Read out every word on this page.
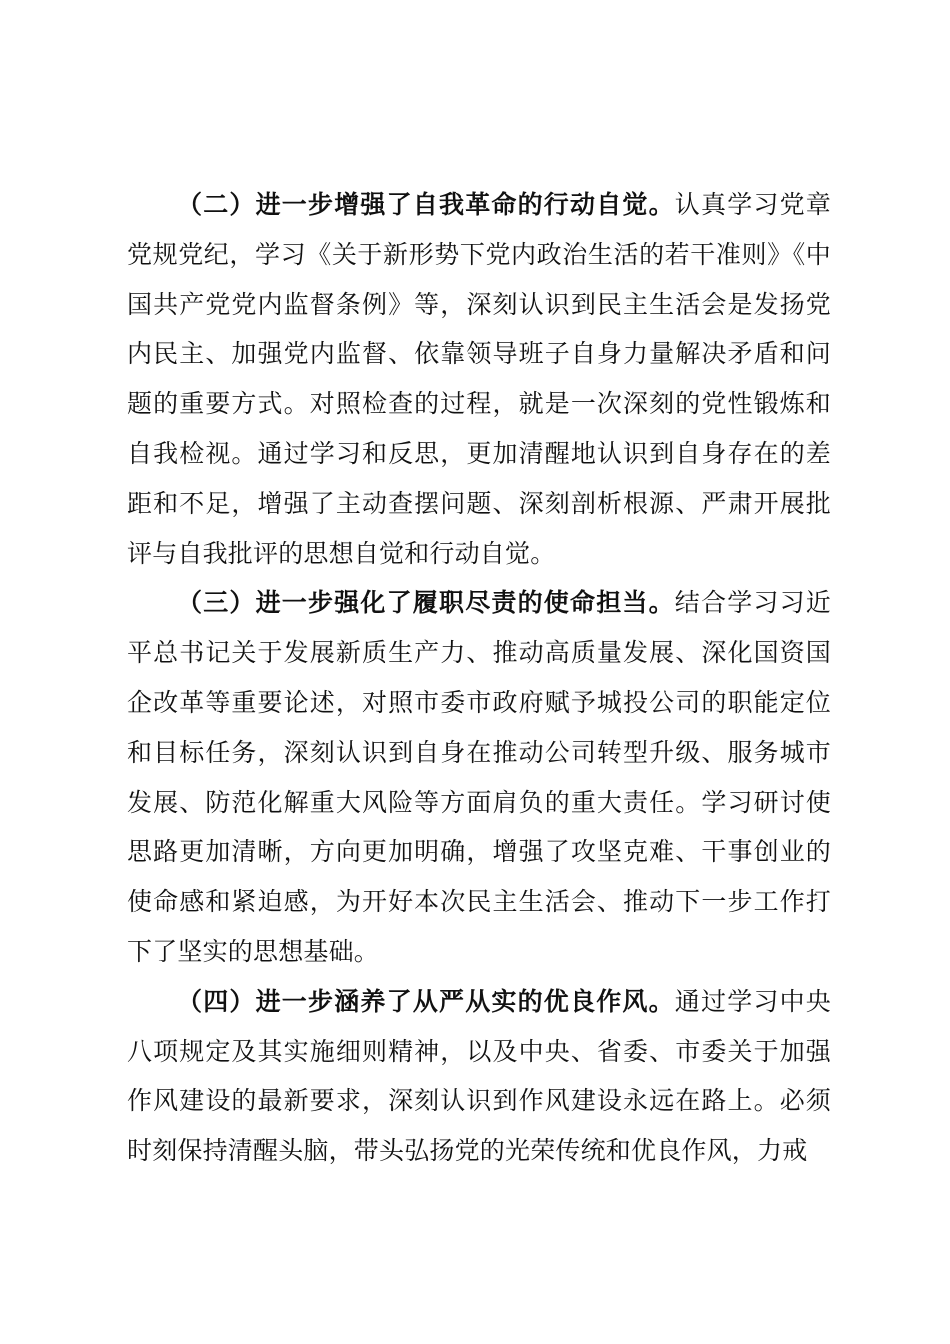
（二）进一步增强了自我革命的行动自觉。认真学习党章党规党纪，学习《关于新形势下党内政治生活的若干准则》《中国共产党党内监督条例》等，深刻认识到民主生活会是发扬党内民主、加强党内监督、依靠领导班子自身力量解决矛盾和问题的重要方式。对照检查的过程，就是一次深刻的党性锻炼和自我检视。通过学习和反思，更加清醒地认识到自身存在的差距和不足，增强了主动查摆问题、深刻剖析根源、严肃开展批评与自我批评的思想自觉和行动自觉。

（三）进一步强化了履职尽责的使命担当。结合学习习近平总书记关于发展新质生产力、推动高质量发展、深化国资国企改革等重要论述，对照市委市政府赋予城投公司的职能定位和目标任务，深刻认识到自身在推动公司转型升级、服务城市发展、防范化解重大风险等方面肩负的重大责任。学习研讨使思路更加清晰，方向更加明确，增强了攻坚克难、干事创业的使命感和紧迫感，为开好本次民主生活会、推动下一步工作打下了坚实的思想基础。

（四）进一步涵养了从严从实的优良作风。通过学习中央八项规定及其实施细则精神，以及中央、省委、市委关于加强作风建设的最新要求，深刻认识到作风建设永远在路上。必须时刻保持清醒头脑，带头弘扬党的光荣传统和优良作风，力戒
